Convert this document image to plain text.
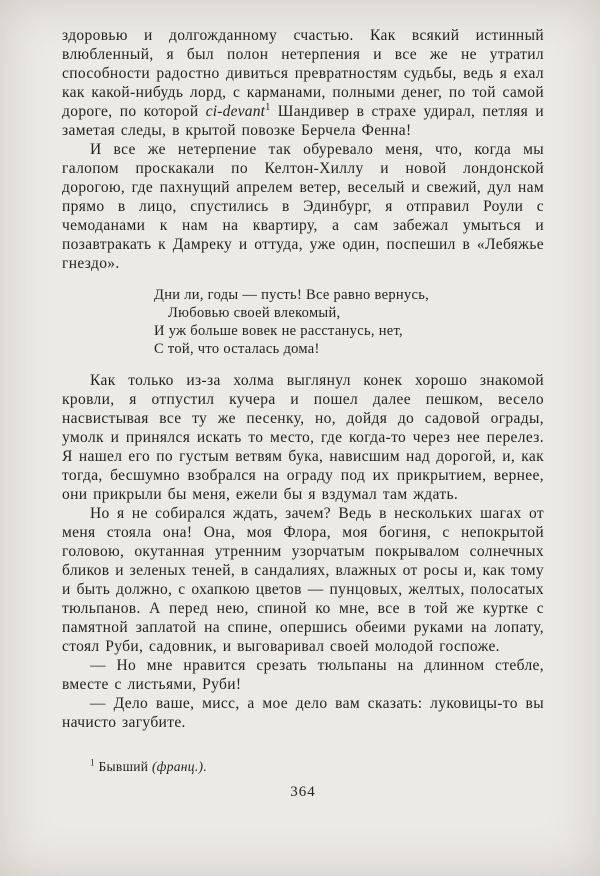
здоровью и долгожданному счастью. Как всякий истинный влюбленный, я был полон нетерпения и все же не утратил способности радостно дивиться превратностям судьбы, ведь я ехал как какой-нибудь лорд, с карманами, полными денег, по той самой дороге, по которой ci-devant$^1$ Шандивер в страхе удирал, петляя и заметая следы, в крытой повозке Берчела Фенна!

И все же нетерпение так обуревало меня, что, когда мы галопом проскакали по Келтон-Хиллу и новой лондонской дорогою, где пахнущий апрелем ветер, веселый и свежий, дул нам прямо в лицо, спустились в Эдинбург, я отправил Роули с чемоданами к нам на квартиру, а сам забежал умыться и позавтракать к Дамреку и оттуда, уже один, поспешил в «Лебяжье гнездо».

Дни ли, годы — пусть! Все равно вернусь,
Любовью своей влекомый,
И уж больше вовек не расстанусь, нет,
С той, что осталась дома!

Как только из-за холма выглянул конек хорошо знакомой кровли, я отпустил кучера и пошел далее пешком, весело насвистывая все ту же песенку, но, дойдя до садовой ограды, умолк и принялся искать то место, где когда-то через нее перелез. Я нашел его по густым ветвям бука, нависшим над дорогой, и, как тогда, бесшумно взобрался на ограду под их прикрытием, вернее, они прикрыли бы меня, ежели бы я вздумал там ждать.

Но я не собирался ждать, зачем? Ведь в нескольких шагах от меня стояла она! Она, моя Флора, моя богиня, с непокрытой головою, окутанная утренним узорчатым покрывалом солнечных бликов и зеленых теней, в сандалиях, влажных от росы и, как тому и быть должно, с охапкою цветов — пунцовых, желтых, полосатых тюльпанов. А перед нею, спиной ко мне, все в той же куртке с памятной заплатой на спине, опершись обеими руками на лопату, стоял Руби, садовник, и выговаривал своей молодой госпоже.

— Но мне нравится срезать тюльпаны на длинном стебле, вместе с листьями, Руби!

— Дело ваше, мисс, а мое дело вам сказать: луковицы-то вы начисто загубите.

$^1$ Бывший (франц.).

364
